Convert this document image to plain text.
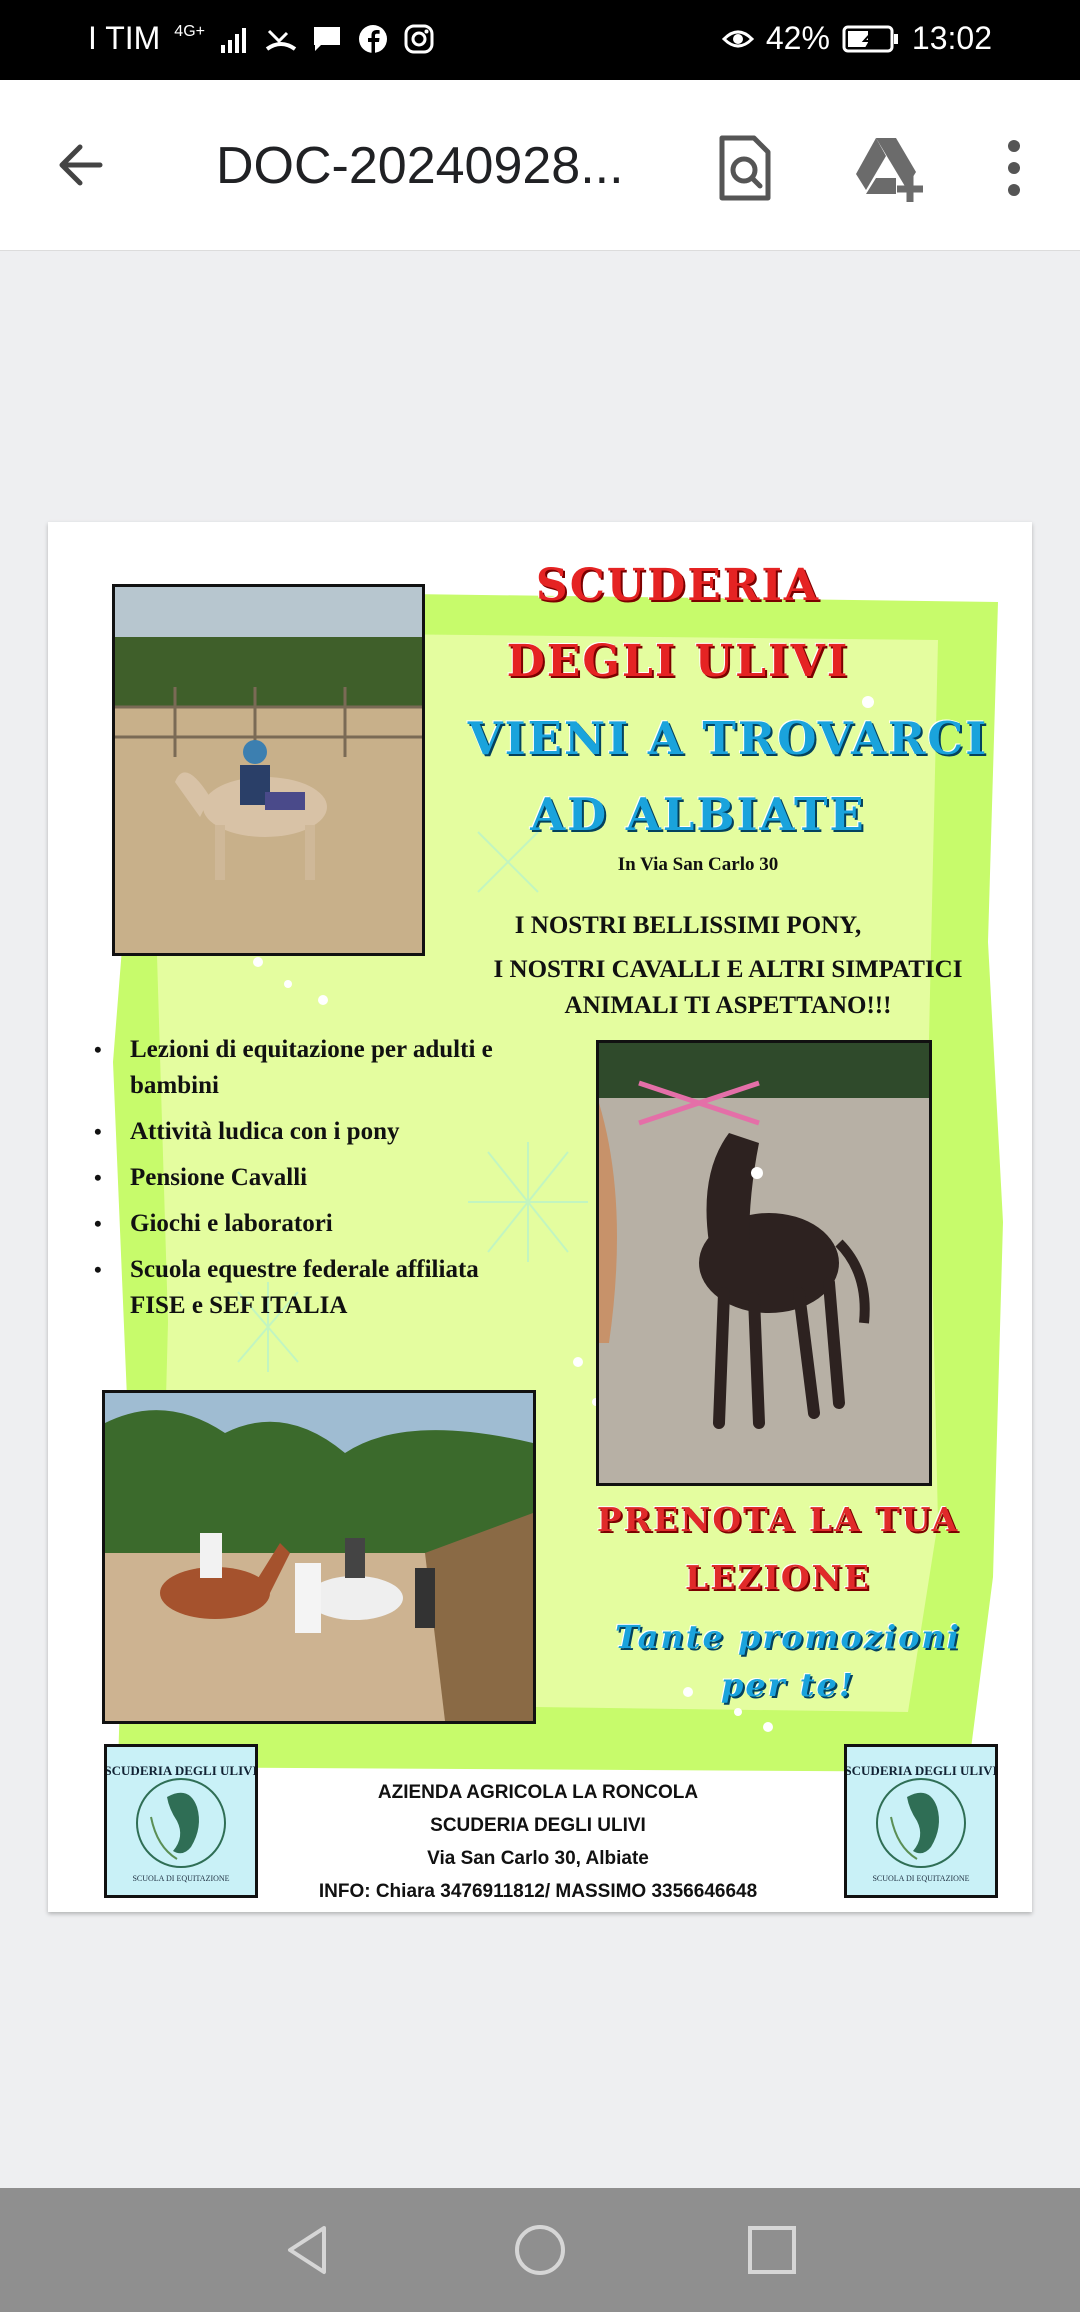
I TIM 4G+	42%	13:02
DOC-20240928...
SCUDERIA
DEGLI ULIVI
VIENI A TROVARCI
AD ALBIATE
In Via San Carlo 30
I NOSTRI BELLISSIMI PONY,
I NOSTRI CAVALLI E ALTRI SIMPATICI
ANIMALI TI ASPETTANO!!!
• Lezioni di equitazione per adulti e bambini
• Attività ludica con i pony
• Pensione Cavalli
• Giochi e laboratori
• Scuola equestre federale affiliata FISE e SEF ITALIA
PRENOTA LA TUA
LEZIONE
Tante promozioni
per te!
SCUDERIA DEGLI ULIVI
SCUOLA DI EQUITAZIONE
SCUDERIA DEGLI ULIVI
SCUOLA DI EQUITAZIONE
AZIENDA AGRICOLA LA RONCOLA
SCUDERIA DEGLI ULIVI
Via San Carlo 30, Albiate
INFO: Chiara 3476911812/ MASSIMO 3356646648
